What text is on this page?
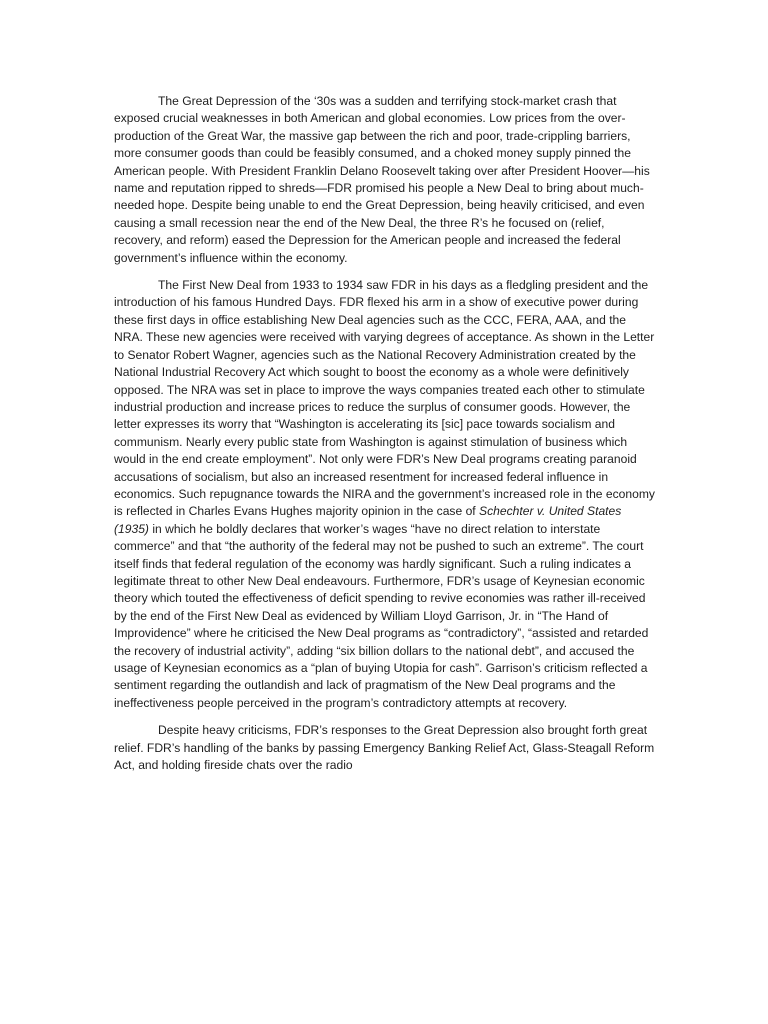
The Great Depression of the ‘30s was a sudden and terrifying stock-market crash that exposed crucial weaknesses in both American and global economies. Low prices from the over-production of the Great War, the massive gap between the rich and poor, trade-crippling barriers, more consumer goods than could be feasibly consumed, and a choked money supply pinned the American people. With President Franklin Delano Roosevelt taking over after President Hoover—his name and reputation ripped to shreds—FDR promised his people a New Deal to bring about much-needed hope. Despite being unable to end the Great Depression, being heavily criticised, and even causing a small recession near the end of the New Deal, the three R’s he focused on (relief, recovery, and reform) eased the Depression for the American people and increased the federal government’s influence within the economy.

The First New Deal from 1933 to 1934 saw FDR in his days as a fledgling president and the introduction of his famous Hundred Days. FDR flexed his arm in a show of executive power during these first days in office establishing New Deal agencies such as the CCC, FERA, AAA, and the NRA. These new agencies were received with varying degrees of acceptance. As shown in the Letter to Senator Robert Wagner, agencies such as the National Recovery Administration created by the National Industrial Recovery Act which sought to boost the economy as a whole were definitively opposed. The NRA was set in place to improve the ways companies treated each other to stimulate industrial production and increase prices to reduce the surplus of consumer goods. However, the letter expresses its worry that “Washington is accelerating its [sic] pace towards socialism and communism. Nearly every public state from Washington is against stimulation of business which would in the end create employment”. Not only were FDR’s New Deal programs creating paranoid accusations of socialism, but also an increased resentment for increased federal influence in economics. Such repugnance towards the NIRA and the government’s increased role in the economy is reflected in Charles Evans Hughes majority opinion in the case of Schechter v. United States (1935) in which he boldly declares that worker’s wages “have no direct relation to interstate commerce” and that “the authority of the federal may not be pushed to such an extreme”. The court itself finds that federal regulation of the economy was hardly significant. Such a ruling indicates a legitimate threat to other New Deal endeavours. Furthermore, FDR’s usage of Keynesian economic theory which touted the effectiveness of deficit spending to revive economies was rather ill-received by the end of the First New Deal as evidenced by William Lloyd Garrison, Jr. in “The Hand of Improvidence” where he criticised the New Deal programs as “contradictory”, “assisted and retarded the recovery of industrial activity”, adding “six billion dollars to the national debt”, and accused the usage of Keynesian economics as a “plan of buying Utopia for cash”. Garrison’s criticism reflected a sentiment regarding the outlandish and lack of pragmatism of the New Deal programs and the ineffectiveness people perceived in the program’s contradictory attempts at recovery.

Despite heavy criticisms, FDR’s responses to the Great Depression also brought forth great relief. FDR’s handling of the banks by passing Emergency Banking Relief Act, Glass-Steagall Reform Act, and holding fireside chats over the radio
